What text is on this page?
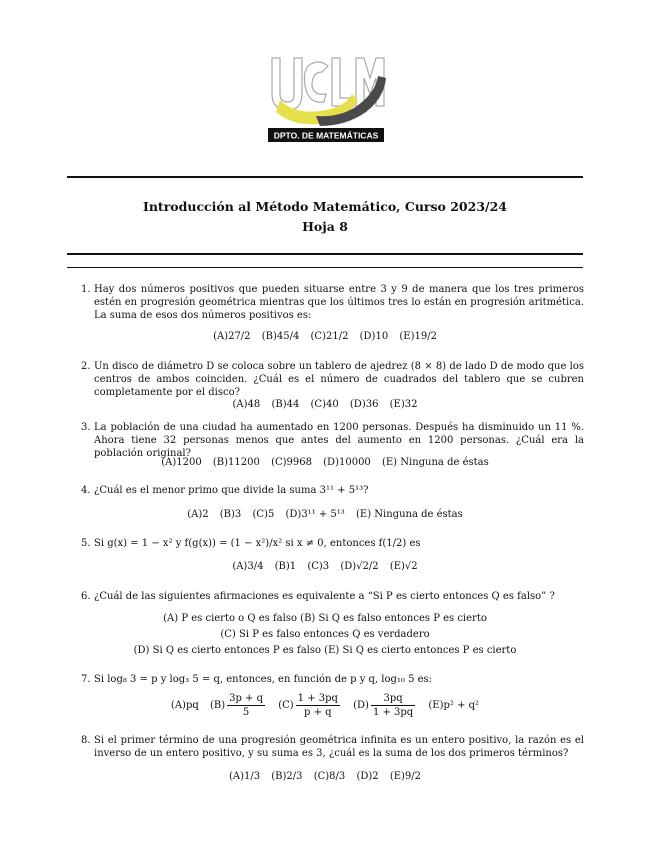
DPTO. DE MATEMÁTICAS
Introducción al Método Matemático, Curso 2023/24
Hoja 8
1. Hay dos números positivos que pueden situarse entre 3 y 9 de manera que los tres primeros estén en progresión geométrica mientras que los últimos tres lo están en progresión aritmética. La suma de esos dos números positivos es:
(A)27/2 (B)45/4 (C)21/2 (D)10 (E)19/2
2. Un disco de diámetro D se coloca sobre un tablero de ajedrez (8 × 8) de lado D de modo que los centros de ambos coinciden. ¿Cuál es el número de cuadrados del tablero que se cubren completamente por el disco?
(A)48 (B)44 (C)40 (D)36 (E)32
3. La población de una ciudad ha aumentado en 1200 personas. Después ha disminuido un 11 %. Ahora tiene 32 personas menos que antes del aumento en 1200 personas. ¿Cuál era la población original?
(A)1200 (B)11200 (C)9968 (D)10000 (E) Ninguna de éstas
4. ¿Cuál es el menor primo que divide la suma 3¹¹ + 5¹³?
(A)2 (B)3 (C)5 (D)3¹¹ + 5¹³ (E) Ninguna de éstas
5. Si g(x) = 1 − x² y f(g(x)) = (1 − x²)/x² si x ≠ 0, entonces f(1/2) es
(A)3/4 (B)1 (C)3 (D)√2/2 (E)√2
6. ¿Cuál de las siguientes afirmaciones es equivalente a “Si P es cierto entonces Q es falso” ?
(A) P es cierto o Q es falso (B) Si Q es falso entonces P es cierto
(C) Si P es falso entonces Q es verdadero
(D) Si Q es cierto entonces P es falso (E) Si Q es cierto entonces P es cierto
7. Si log₈ 3 = p y log₃ 5 = q, entonces, en función de p y q, log₁₀ 5 es:
(A)pq $(B) \frac{3p + q}{5} (C) \frac{1 + 3pq}{p + q} (D) \frac{3pq}{1 + 3pq} (E)p^2 + q^2$
8. Si el primer término de una progresión geométrica infinita es un entero positivo, la razón es el inverso de un entero positivo, y su suma es 3, ¿cuál es la suma de los dos primeros términos?
(A)1/3 (B)2/3 (C)8/3 (D)2 (E)9/2
